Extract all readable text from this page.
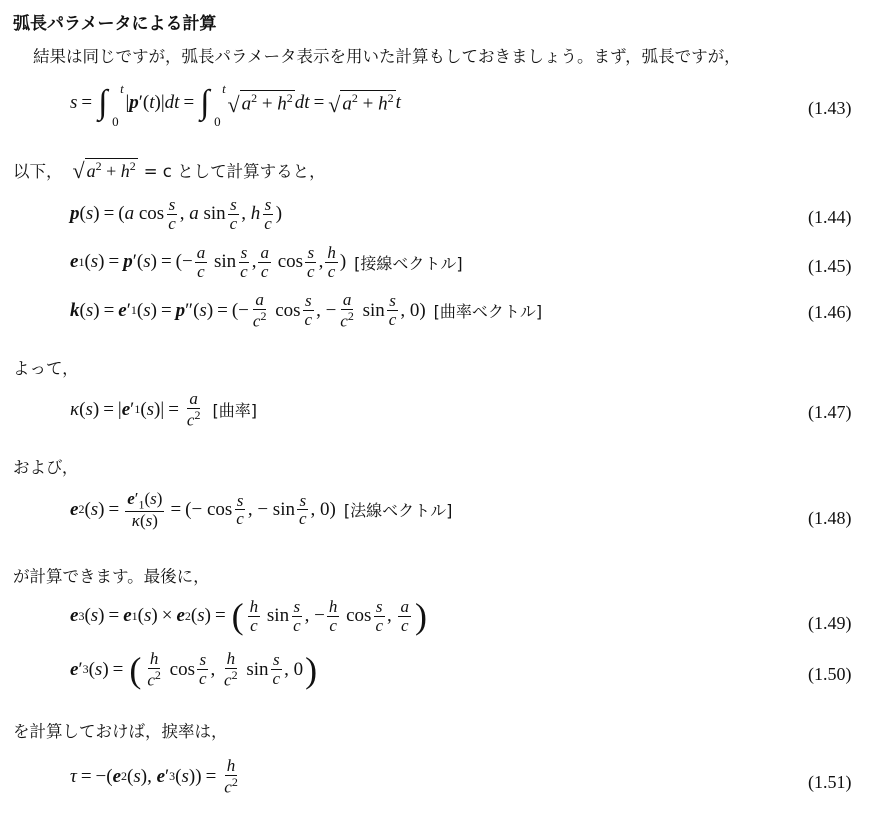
弧長パラメータによる計算
結果は同じですが，弧長パラメータ表示を用いた計算もしておきましょう。まず，弧長ですが，
s = ∫
0
t
| p ′( t )| dt = ∫
0
t
√ $a^2 + h^2$ dt = √ $a^2 + h^2$ t	(1.43)
以下， √ $a^2 + h^2 = c$ として計算すると，
p ( s ) = ( a $\cos \frac{s}{c}$ , a $\sin \frac{s}{c}$ , h $\frac{s}{c}$ )	(1.44)
e 1 ( s ) = p ′( s ) = (− $\frac{a}{c}$ $\sin \frac{s}{c}$ , $\frac{a}{c}$ $\cos \frac{s}{c}$ , $\frac{h}{c}$ ) [接線ベクトル]	(1.45)
k ( s ) = e ′ 1 ( s ) = p ″( s ) = (− $\frac{a}{c^2}$ $\cos \frac{s}{c}$ , − $\frac{a}{c^2}$ $\sin \frac{s}{c}$ , 0) [曲率ベクトル]	(1.46)
よって，
κ ( s ) = | e ′ 1 ( s )| = $\frac{a}{c^2}$ [曲率]	(1.47)
および，
e 2 ( s ) = $\frac{e'_1(s)}{\kappa(s)}$ = (− $\cos \frac{s}{c}$ , − $\sin \frac{s}{c}$ , 0) [法線ベクトル]	(1.48)
が計算できます。最後に，
e 3 ( s ) = e 1 ( s ) × e 2 ( s ) = ( $\frac{h}{c}$ $\sin \frac{s}{c}$ , − $\frac{h}{c}$ $\cos \frac{s}{c}$ , $\frac{a}{c}$ )	(1.49)
e ′ 3 ( s ) = ( $\frac{h}{c^2}$ $\cos \frac{s}{c}$ , $\frac{h}{c^2}$ $\sin \frac{s}{c}$ , 0 )	(1.50)
を計算しておけば，捩率は，
τ = −( e 2 ( s ), e ′ 3 ( s )) = $\frac{h}{c^2}$	(1.51)
